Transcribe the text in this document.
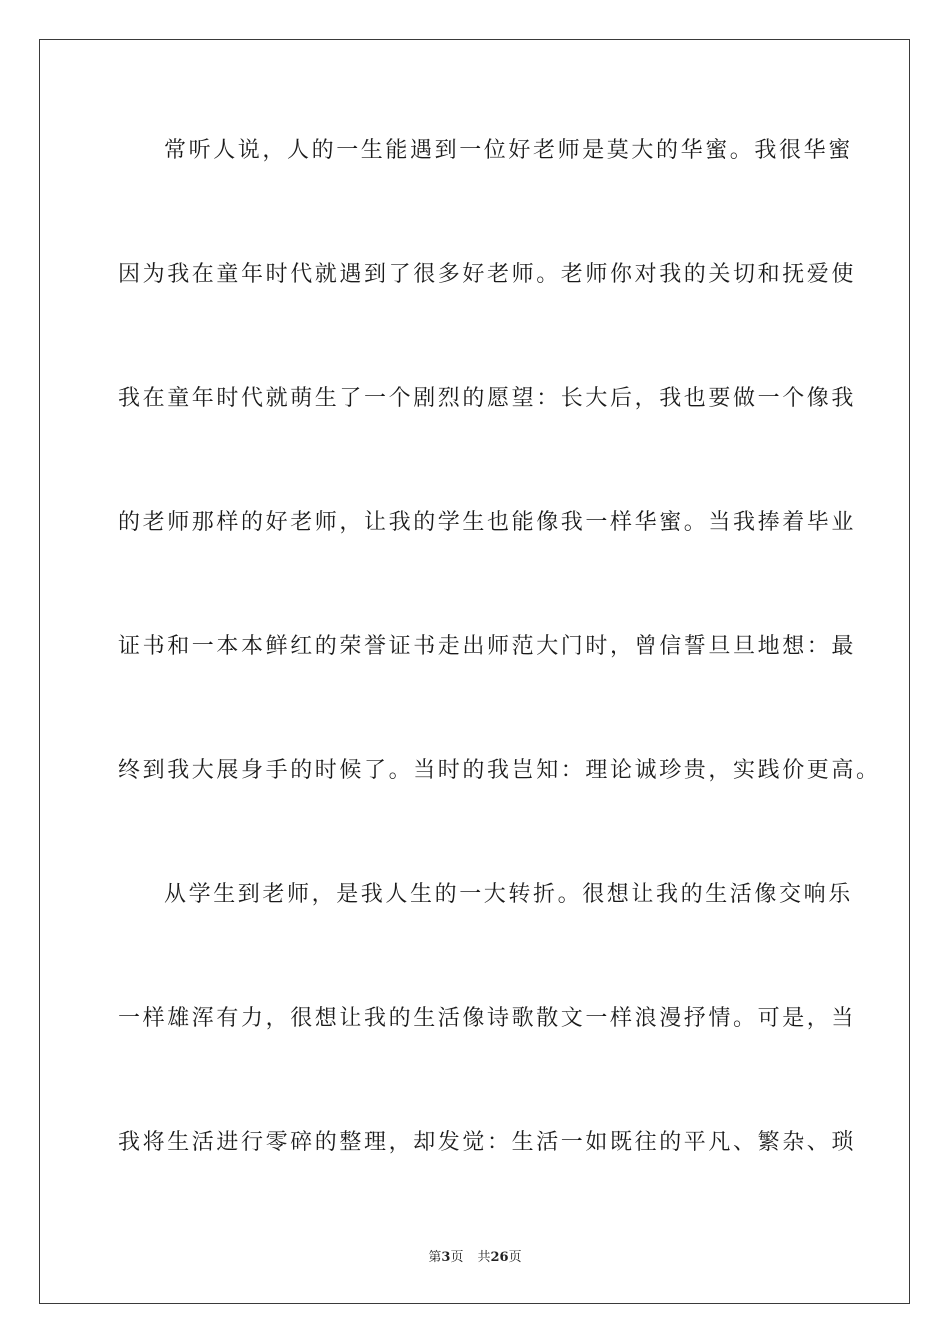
常听人说，人的一生能遇到一位好老师是莫大的华蜜。我很华蜜
因为我在童年时代就遇到了很多好老师。老师你对我的关切和抚爱使
我在童年时代就萌生了一个剧烈的愿望：长大后，我也要做一个像我
的老师那样的好老师，让我的学生也能像我一样华蜜。当我捧着毕业
证书和一本本鲜红的荣誉证书走出师范大门时，曾信誓旦旦地想：最
终到我大展身手的时候了。当时的我岂知：理论诚珍贵，实践价更高。
从学生到老师，是我人生的一大转折。很想让我的生活像交响乐
一样雄浑有力，很想让我的生活像诗歌散文一样浪漫抒情。可是，当
我将生活进行零碎的整理，却发觉：生活一如既往的平凡、繁杂、琐
第3页 共26页
